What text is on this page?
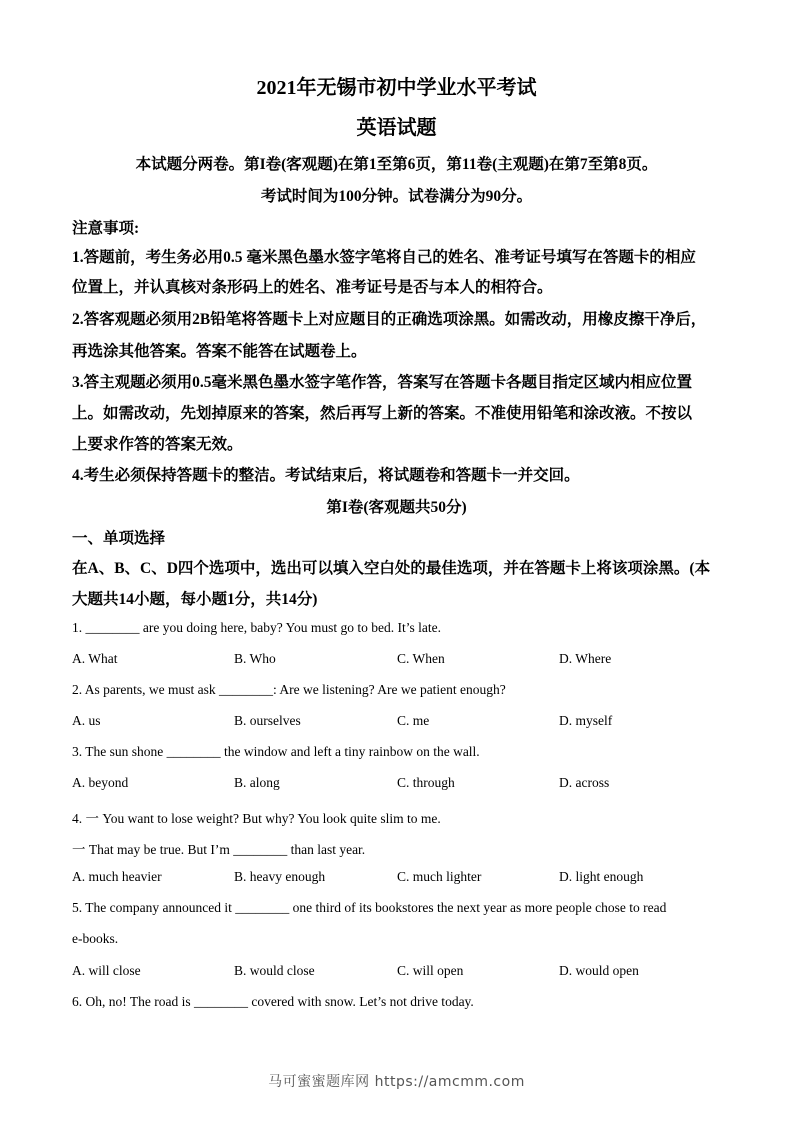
2021年无锡市初中学业水平考试
英语试题
本试题分两卷。第I卷(客观题)在第1至第6页，第11卷(主观题)在第7至第8页。
考试时间为100分钟。试卷满分为90分。
注意事项:
1.答题前，考生务必用0.5 毫米黑色墨水签字笔将自己的姓名、准考证号填写在答题卡的相应
位置上，并认真核对条形码上的姓名、准考证号是否与本人的相符合。
2.答客观题必须用2B铅笔将答题卡上对应题目的正确选项涂黑。如需改动，用橡皮擦干净后，
再选涂其他答案。答案不能答在试题卷上。
3.答主观题必须用0.5毫米黑色墨水签字笔作答，答案写在答题卡各题目指定区域内相应位置
上。如需改动，先划掉原来的答案，然后再写上新的答案。不准使用铅笔和涂改液。不按以
上要求作答的答案无效。
4.考生必须保持答题卡的整洁。考试结束后，将试题卷和答题卡一并交回。
第I卷(客观题共50分)
一、单项选择
在A、B、C、D四个选项中，选出可以填入空白处的最佳选项，并在答题卡上将该项涂黑。(本
大题共14小题，每小题1分，共14分)
1. ________ are you doing here, baby? You must go to bed. It’s late.
A. What	B. Who	C. When	D. Where
2. As parents, we must ask ________: Are we listening? Are we patient enough?
A. us	B. ourselves	C. me	D. myself
3. The sun shone ________ the window and left a tiny rainbow on the wall.
A. beyond	B. along	C. through	D. across
4. 一 You want to lose weight? But why? You look quite slim to me.
一 That may be true. But I’m ________ than last year.
A. much heavier	B. heavy enough	C. much lighter	D. light enough
5. The company announced it ________ one third of its bookstores the next year as more people chose to read
e-books.
A. will close	B. would close	C. will open	D. would open
6. Oh, no! The road is ________ covered with snow. Let’s not drive today.
马可蜜蜜题库网 https://amcmm.com
